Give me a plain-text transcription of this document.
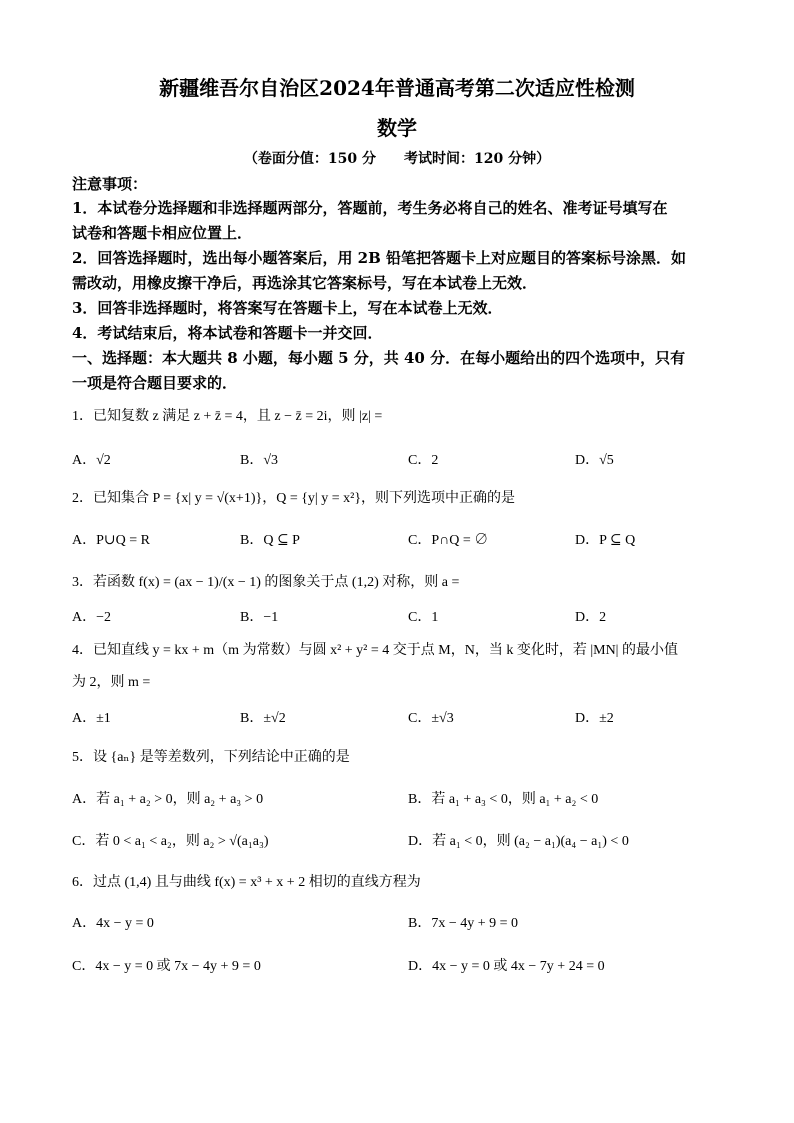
新疆维吾尔自治区2024年普通高考第二次适应性检测
数学
（卷面分值：150 分　　考试时间：120 分钟）
注意事项：
1．本试卷分选择题和非选择题两部分，答题前，考生务必将自己的姓名、准考证号填写在
试卷和答题卡相应位置上．
2．回答选择题时，选出每小题答案后，用 2B 铅笔把答题卡上对应题目的答案标号涂黑．如
需改动，用橡皮擦干净后，再选涂其它答案标号，写在本试卷上无效．
3．回答非选择题时，将答案写在答题卡上，写在本试卷上无效．
4．考试结束后，将本试卷和答题卡一并交回．
一、选择题：本大题共 8 小题，每小题 5 分，共 40 分．在每小题给出的四个选项中，只有
一项是符合题目要求的．
1．已知复数 z 满足 z + z̄ = 4，且 z − z̄ = 2i，则 |z| =
A．√2	B．√3	C．2	D．√5
2．已知集合 P = {x| y = √(x+1)}，Q = {y| y = x²}，则下列选项中正确的是
A．P∪Q = R	B．Q ⊆ P	C．P∩Q = ∅	D．P ⊆ Q
3．若函数 f(x) = (ax − 1)/(x − 1) 的图象关于点 (1,2) 对称，则 a =
A．−2	B．−1	C．1	D．2
4．已知直线 y = kx + m（m 为常数）与圆 x² + y² = 4 交于点 M，N，当 k 变化时，若 |MN| 的最小值
为 2，则 m =
A．±1	B．±√2	C．±√3	D．±2
5．设 {aₙ} 是等差数列，下列结论中正确的是
A．若 a₁ + a₂ > 0，则 a₂ + a₃ > 0	B．若 a₁ + a₃ < 0，则 a₁ + a₂ < 0
C．若 0 < a₁ < a₂，则 a₂ > √(a₁a₃)	D．若 a₁ < 0，则 (a₂ − a₁)(a₄ − a₁) < 0
6．过点 (1,4) 且与曲线 f(x) = x³ + x + 2 相切的直线方程为
A．4x − y = 0	B．7x − 4y + 9 = 0
C．4x − y = 0 或 7x − 4y + 9 = 0	D．4x − y = 0 或 4x − 7y + 24 = 0
